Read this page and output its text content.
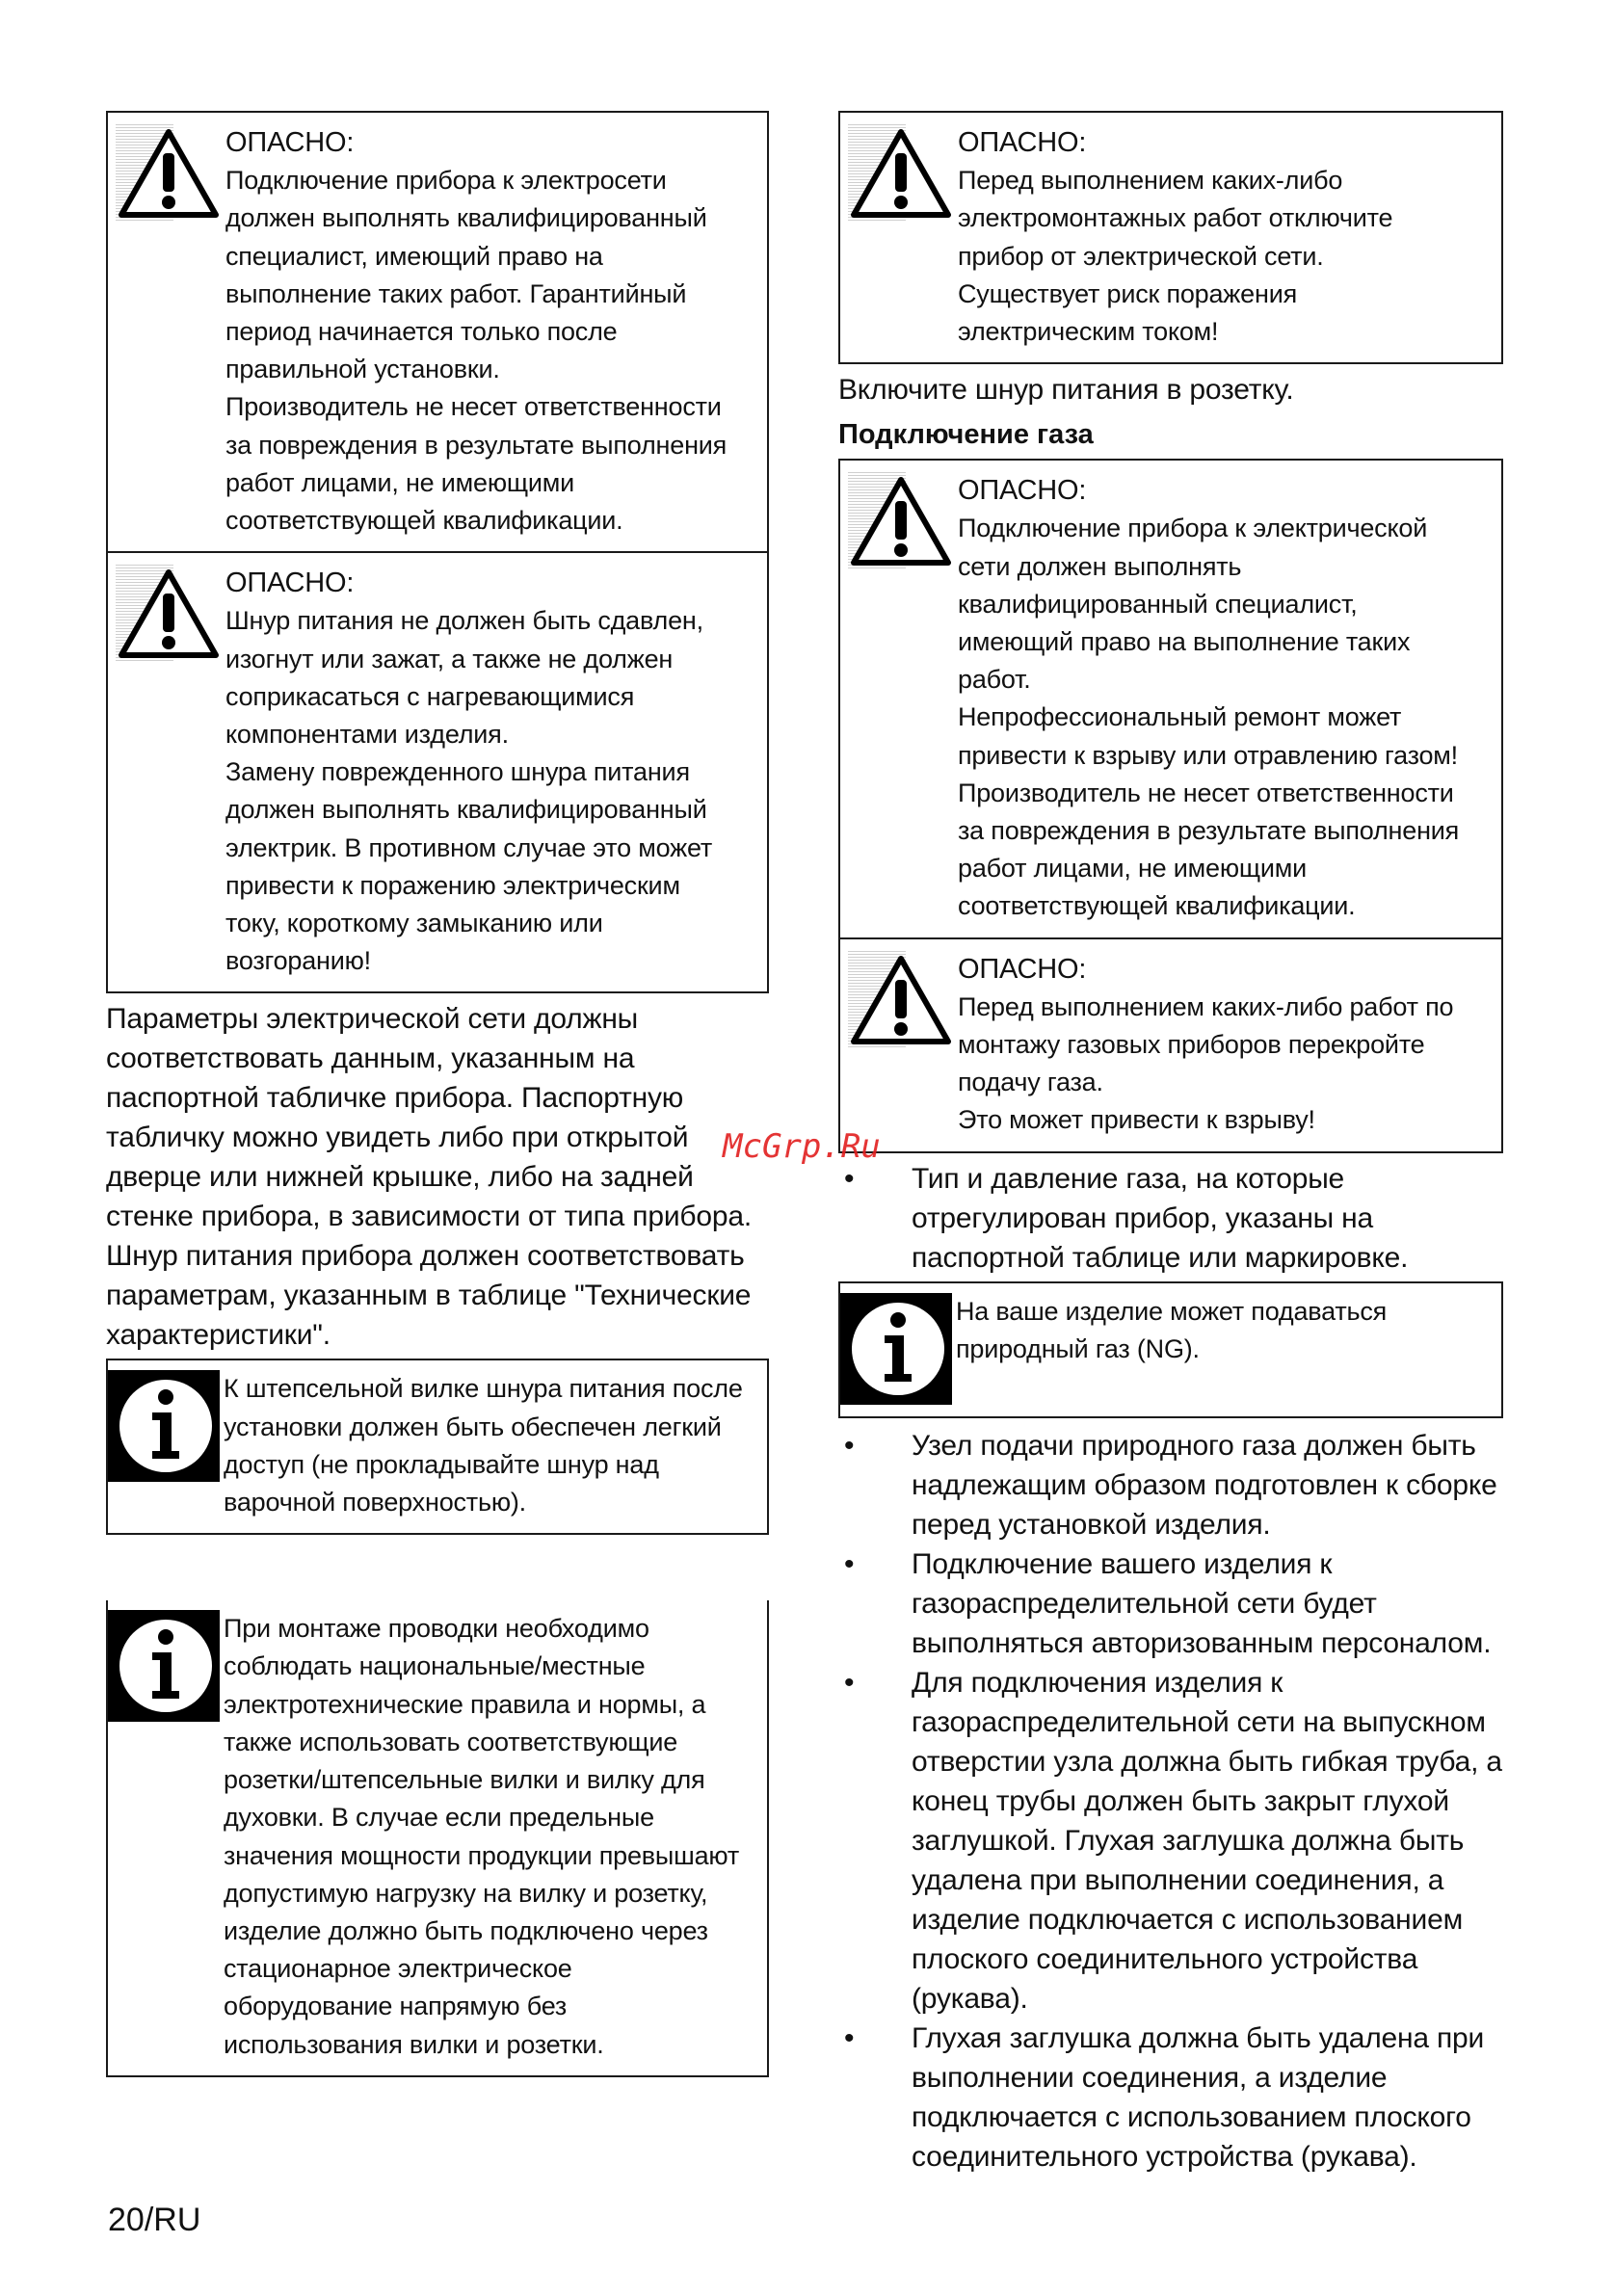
ОПАСНО:

Подключение прибора к электросети

должен выполнять квалифицированный

специалист, имеющий право на

выполнение таких работ. Гарантийный

период начинается только после

правильной установки.

Производитель не несет ответственности

за повреждения в результате выполнения

работ лицами, не имеющими

соответствующей квалификации.

ОПАСНО:

Шнур питания не должен быть сдавлен,

изогнут или зажат, а также не должен

соприкасаться с нагревающимися

компонентами изделия.

Замену поврежденного шнура питания

должен выполнять квалифицированный

электрик. В противном случае это может

привести к поражению электрическим

току, короткому замыканию или

возгоранию!

Параметры электрической сети должны
соответствовать данным, указанным на
паспортной табличке прибора. Паспортную
табличку можно увидеть либо при открытой
дверце или нижней крышке, либо на задней
стенке прибора, в зависимости от типа прибора.
Шнур питания прибора должен соответствовать
параметрам, указанным в таблице "Технические
характеристики".

К штепсельной вилке шнура питания после

установки должен быть обеспечен легкий

доступ (не прокладывайте шнур над

варочной поверхностью).

При монтаже проводки необходимо

соблюдать национальные/местные

электротехнические правила и нормы, а

также использовать соответствующие

розетки/штепсельные вилки и вилку для

духовки. В случае если предельные

значения мощности продукции превышают

допустимую нагрузку на вилку и розетку,

изделие должно быть подключено через

стационарное электрическое

оборудование напрямую без

использования вилки и розетки.

ОПАСНО:

Перед выполнением каких-либо

электромонтажных работ отключите

прибор от электрической сети.

Существует риск поражения

электрическим током!

Включите шнур питания в розетку.
Подключение газа
ОПАСНО:

Подключение прибора к электрической

сети должен выполнять

квалифицированный специалист,

имеющий право на выполнение таких

работ.

Непрофессиональный ремонт может

привести к взрыву или отравлению газом!

Производитель не несет ответственности

за повреждения в результате выполнения

работ лицами, не имеющими

соответствующей квалификации.

ОПАСНО:

Перед выполнением каких-либо работ по

монтажу газовых приборов перекройте

подачу газа.

Это может привести к взрыву!

• Тип и давление газа, на которые
отрегулирован прибор, указаны на
паспортной таблице или маркировке.

На ваше изделие может подаваться

природный газ (NG).

• Узел подачи природного газа должен быть
надлежащим образом подготовлен к сборке
перед установкой изделия.
• Подключение вашего изделия к
газораспределительной сети будет
выполняться авторизованным персоналом.
• Для подключения изделия к
газораспределительной сети на выпускном
отверстии узла должна быть гибкая труба, а
конец трубы должен быть закрыт глухой
заглушкой. Глухая заглушка должна быть
удалена при выполнении соединения, а
изделие подключается с использованием
плоского соединительного устройства
(рукава).
• Глухая заглушка должна быть удалена при
выполнении соединения, а изделие
подключается с использованием плоского
соединительного устройства (рукава).
McGrp.Ru
20/RU
